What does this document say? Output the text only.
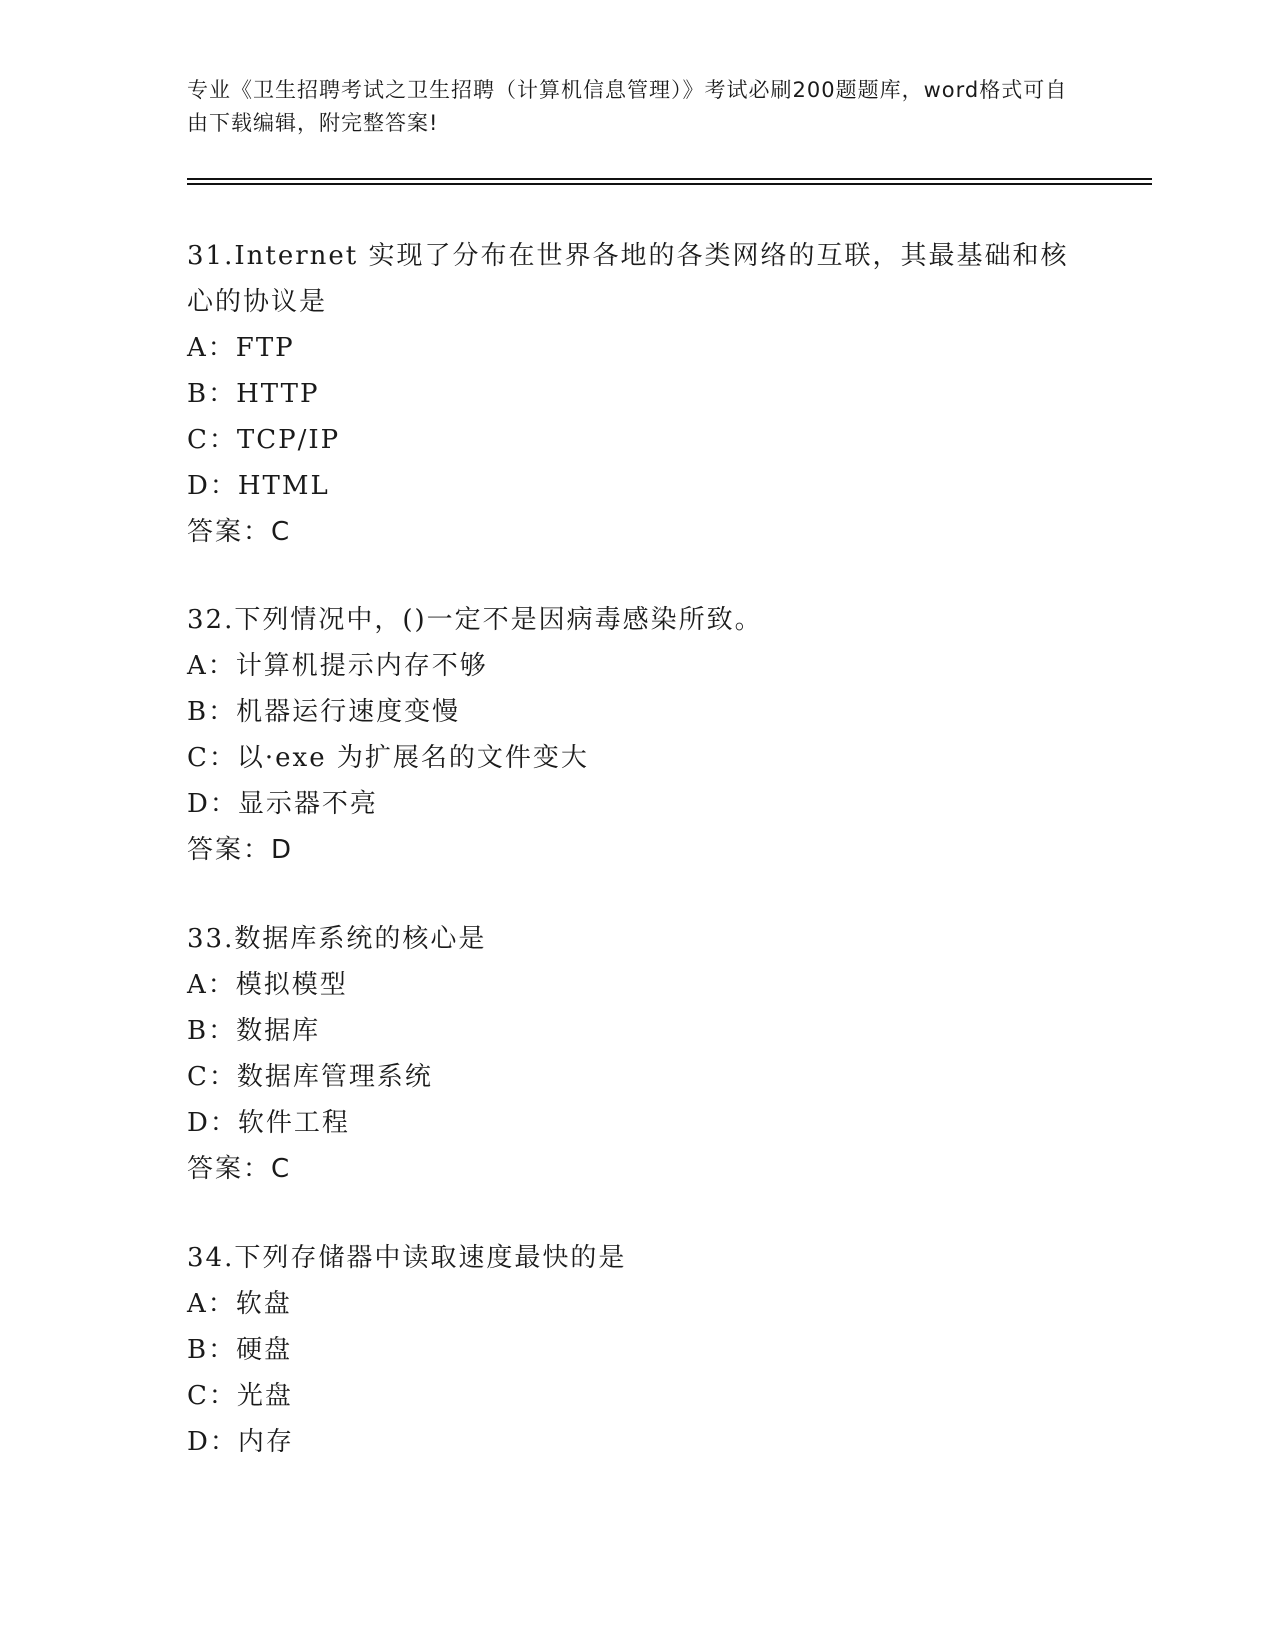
专业《卫生招聘考试之卫生招聘（计算机信息管理）》考试必刷200题题库，word格式可自由下载编辑，附完整答案!

31.Internet 实现了分布在世界各地的各类网络的互联，其最基础和核心的协议是

A：FTP

B：HTTP

C：TCP/IP

D：HTML

答案：C

32.下列情况中，()一定不是因病毒感染所致。

A：计算机提示内存不够

B：机器运行速度变慢

C：以·exe 为扩展名的文件变大

D：显示器不亮

答案：D

33.数据库系统的核心是

A：模拟模型

B：数据库

C：数据库管理系统

D：软件工程

答案：C

34.下列存储器中读取速度最快的是

A：软盘

B：硬盘

C：光盘

D：内存
